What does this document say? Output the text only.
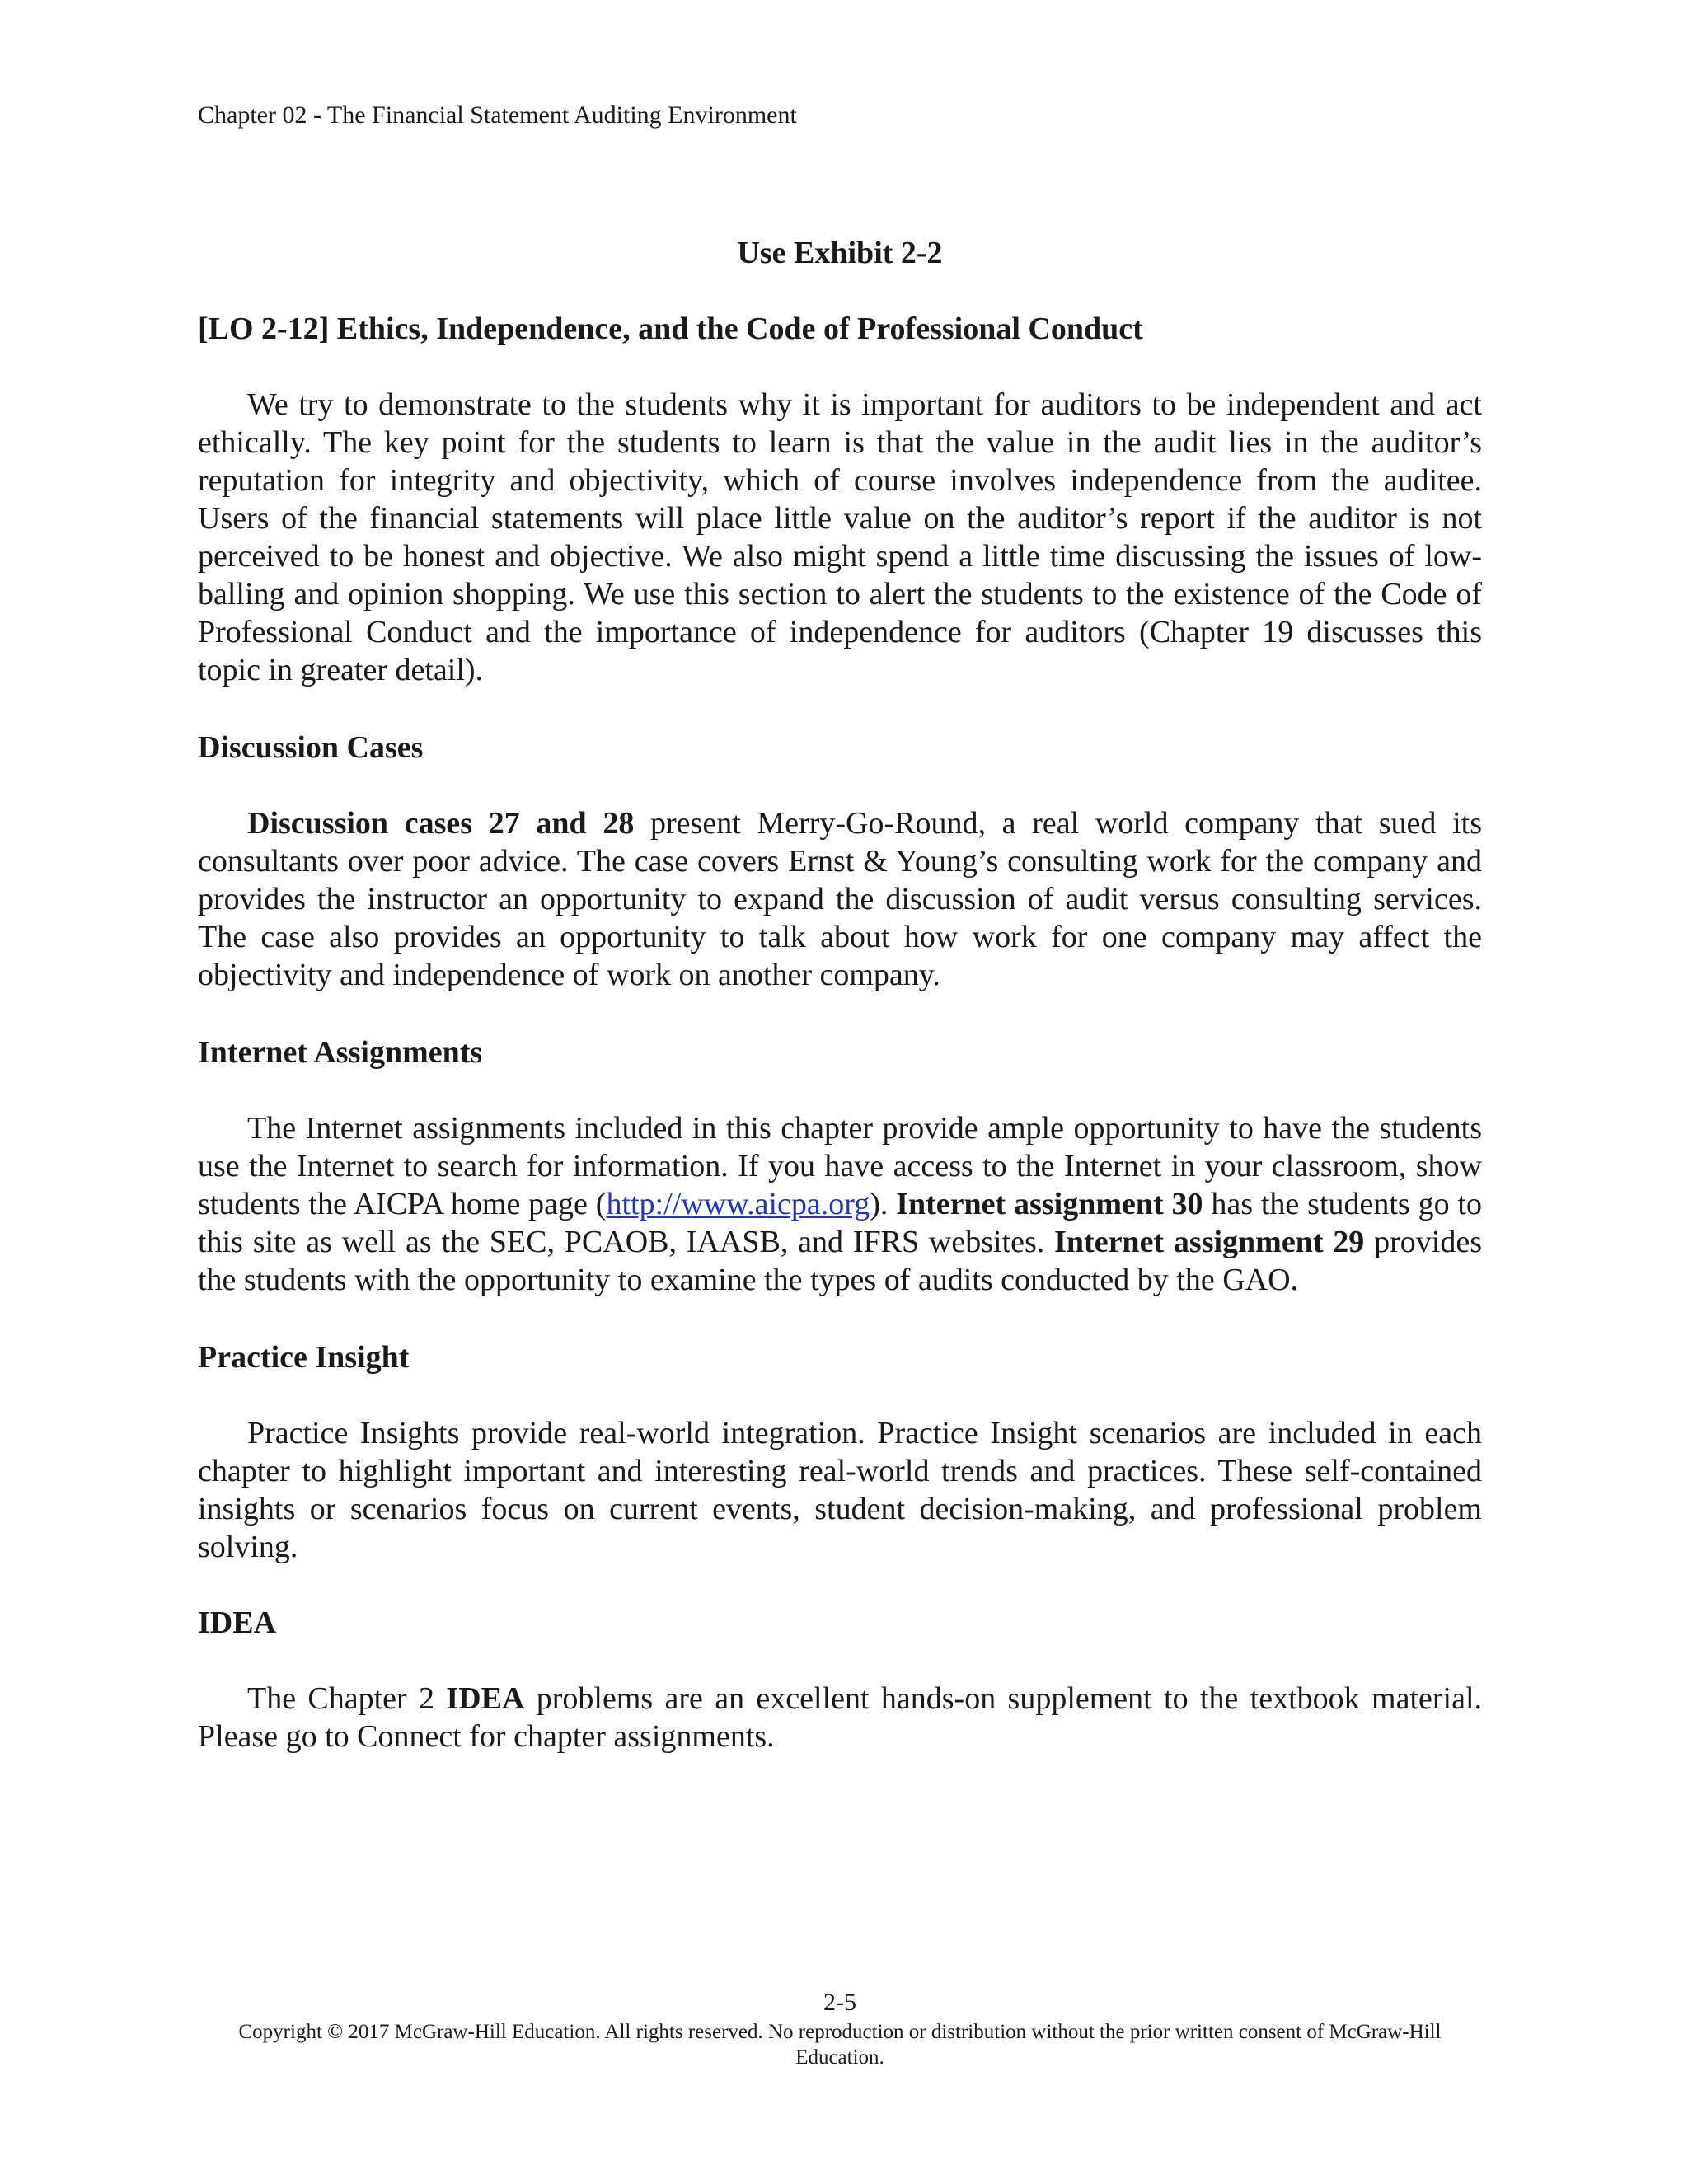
Chapter 02 - The Financial Statement Auditing Environment
Use Exhibit 2-2
[LO 2-12] Ethics, Independence, and the Code of Professional Conduct

We try to demonstrate to the students why it is important for auditors to be independent and act ethically. The key point for the students to learn is that the value in the audit lies in the auditor’s reputation for integrity and objectivity, which of course involves independence from the auditee. Users of the financial statements will place little value on the auditor’s report if the auditor is not perceived to be honest and objective. We also might spend a little time discussing the issues of low-balling and opinion shopping. We use this section to alert the students to the existence of the Code of Professional Conduct and the importance of independence for auditors (Chapter 19 discusses this topic in greater detail).

Discussion Cases

Discussion cases 27 and 28 present Merry-Go-Round, a real world company that sued its consultants over poor advice. The case covers Ernst & Young’s consulting work for the company and provides the instructor an opportunity to expand the discussion of audit versus consulting services. The case also provides an opportunity to talk about how work for one company may affect the objectivity and independence of work on another company.

Internet Assignments

The Internet assignments included in this chapter provide ample opportunity to have the students use the Internet to search for information. If you have access to the Internet in your classroom, show students the AICPA home page (http://www.aicpa.org). Internet assignment 30 has the students go to this site as well as the SEC, PCAOB, IAASB, and IFRS websites. Internet assignment 29 provides the students with the opportunity to examine the types of audits conducted by the GAO.

Practice Insight

Practice Insights provide real-world integration. Practice Insight scenarios are included in each chapter to highlight important and interesting real-world trends and practices. These self-contained insights or scenarios focus on current events, student decision-making, and professional problem solving.

IDEA

The Chapter 2 IDEA problems are an excellent hands-on supplement to the textbook material. Please go to Connect for chapter assignments.

2-5
Copyright © 2017 McGraw-Hill Education. All rights reserved. No reproduction or distribution without the prior written consent of McGraw-Hill Education.
